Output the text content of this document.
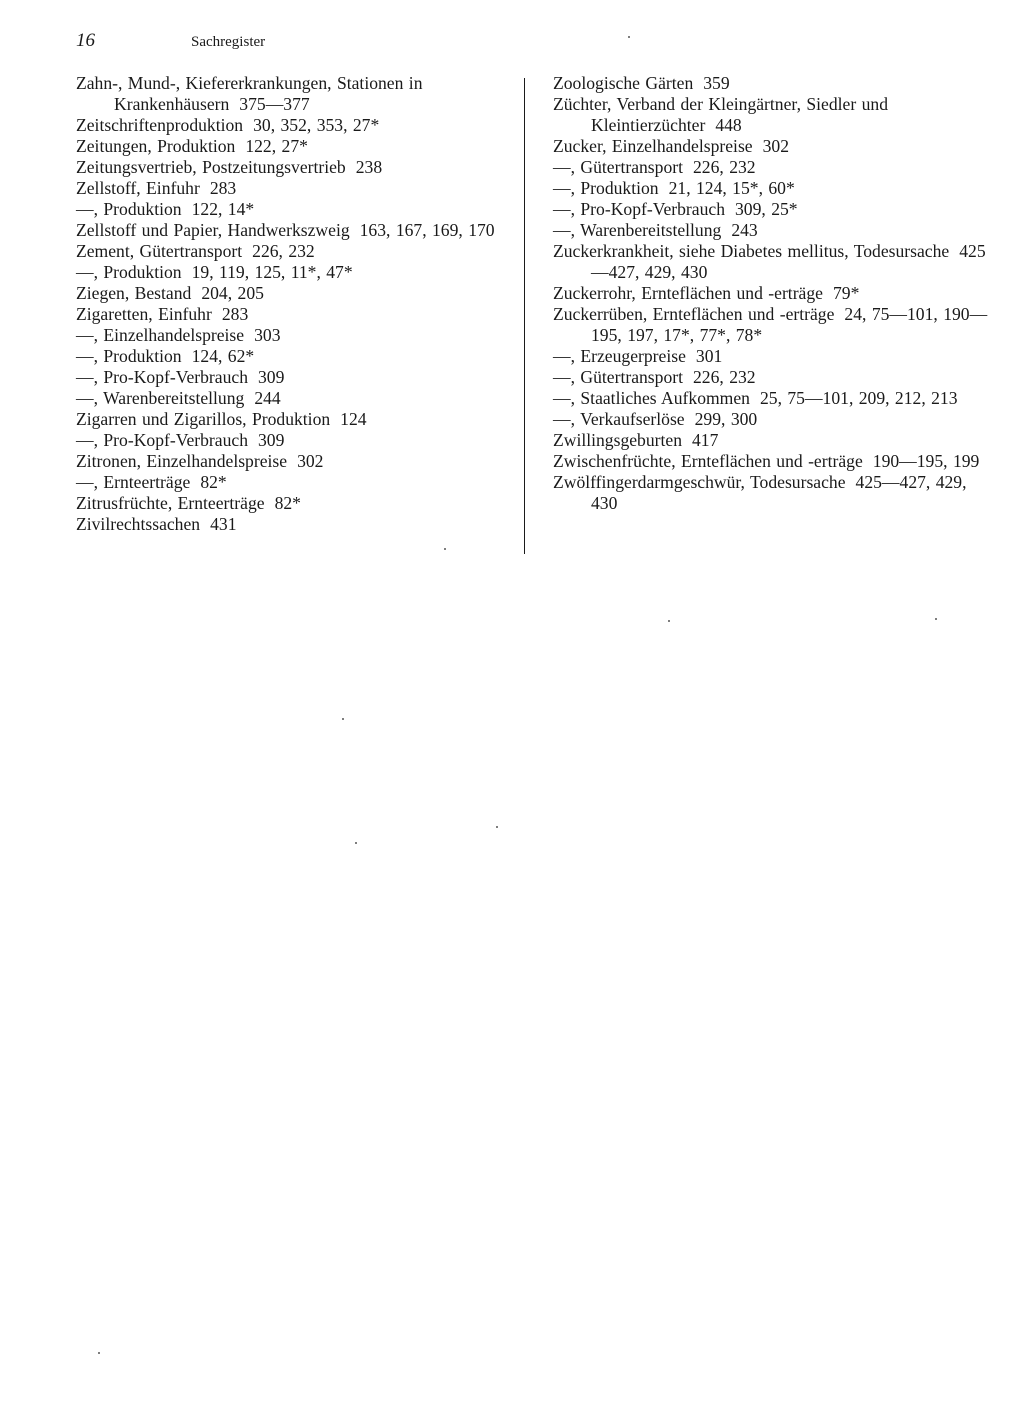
16	Sachregister

Zahn-, Mund-, Kiefererkrankungen, Stationen in Krankenhäusern 375—377

Zeitschriftenproduktion 30, 352, 353, 27*

Zeitungen, Produktion 122, 27*

Zeitungsvertrieb, Postzeitungsvertrieb 238

Zellstoff, Einfuhr 283

—, Produktion 122, 14*

Zellstoff und Papier, Handwerkszweig 163, 167, 169, 170

Zement, Gütertransport 226, 232

—, Produktion 19, 119, 125, 11*, 47*

Ziegen, Bestand 204, 205

Zigaretten, Einfuhr 283

—, Einzelhandelspreise 303

—, Produktion 124, 62*

—, Pro-Kopf-Verbrauch 309

—, Warenbereitstellung 244

Zigarren und Zigarillos, Produktion 124

—, Pro-Kopf-Verbrauch 309

Zitronen, Einzelhandelspreise 302

—, Ernteerträge 82*

Zitrusfrüchte, Ernteerträge 82*

Zivilrechtssachen 431

Zoologische Gärten 359

Züchter, Verband der Kleingärtner, Siedler und Kleintierzüchter 448

Zucker, Einzelhandelspreise 302

—, Gütertransport 226, 232

—, Produktion 21, 124, 15*, 60*

—, Pro-Kopf-Verbrauch 309, 25*

—, Warenbereitstellung 243

Zuckerkrankheit, siehe Diabetes mellitus, Todesursache 425—427, 429, 430

Zuckerrohr, Ernteflächen und -erträge 79*

Zuckerrüben, Ernteflächen und -erträge 24, 75—101, 190—195, 197, 17*, 77*, 78*

—, Erzeugerpreise 301

—, Gütertransport 226, 232

—, Staatliches Aufkommen 25, 75—101, 209, 212, 213

—, Verkaufserlöse 299, 300

Zwillingsgeburten 417

Zwischenfrüchte, Ernteflächen und -erträge 190—195, 199

Zwölffingerdarmgeschwür, Todesursache 425—427, 429, 430
